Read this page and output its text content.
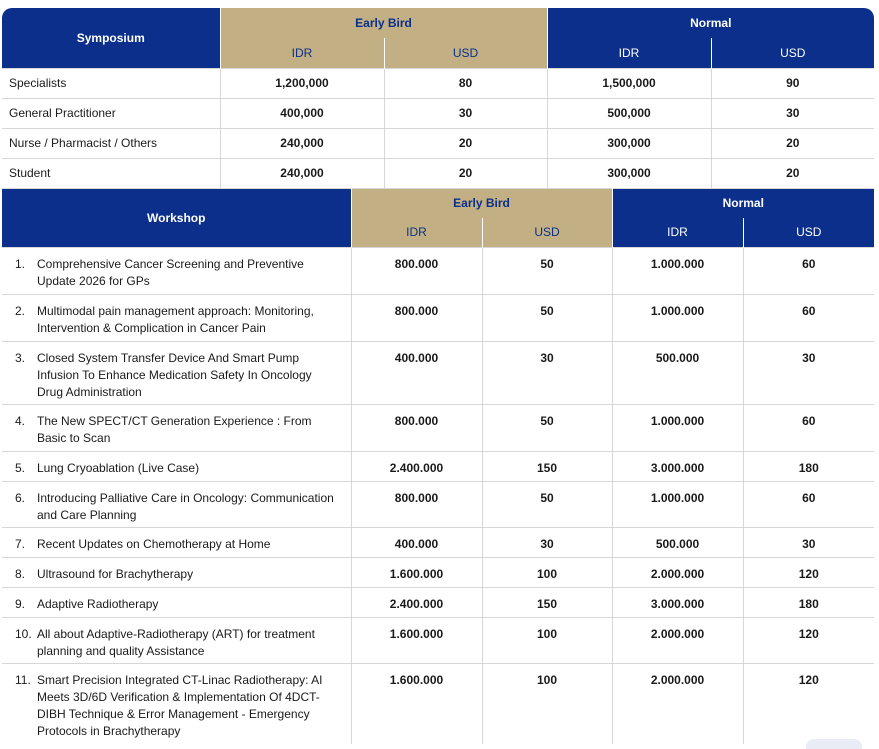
Symposium	Early Bird		Normal	
	IDR	USD	IDR	USD
Specialists	1,200,000	80	1,500,000	90
General Practitioner	400,000	30	500,000	30
Nurse / Pharmacist / Others	240,000	20	300,000	20
Student	240,000	20	300,000	20
Workshop	Early Bird		Normal	
	IDR	USD	IDR	USD

1. Comprehensive Cancer Screening and Preventive Update 2026 for GPs	800.000	50	1.000.000	60

2. Multimodal pain management approach: Monitoring, Intervention & Complication in Cancer Pain	800.000	50	1.000.000	60

3. Closed System Transfer Device And Smart Pump Infusion To Enhance Medication Safety In Oncology Drug Administration	400.000	30	500.000	30

4. The New SPECT/CT Generation Experience : From Basic to Scan	800.000	50	1.000.000	60

5. Lung Cryoablation (Live Case)	2.400.000	150	3.000.000	180

6. Introducing Palliative Care in Oncology: Communication and Care Planning	800.000	50	1.000.000	60

7. Recent Updates on Chemotherapy at Home	400.000	30	500.000	30

8. Ultrasound for Brachytherapy	1.600.000	100	2.000.000	120

9. Adaptive Radiotherapy	2.400.000	150	3.000.000	180

10. All about Adaptive-Radiotherapy (ART) for treatment planning and quality Assistance	1.600.000	100	2.000.000	120

11. Smart Precision Integrated CT-Linac Radiotherapy: AI Meets 3D/6D Verification & Implementation Of 4DCT-DIBH Technique & Error Management - Emergency Protocols in Brachytherapy	1.600.000	100	2.000.000	120
